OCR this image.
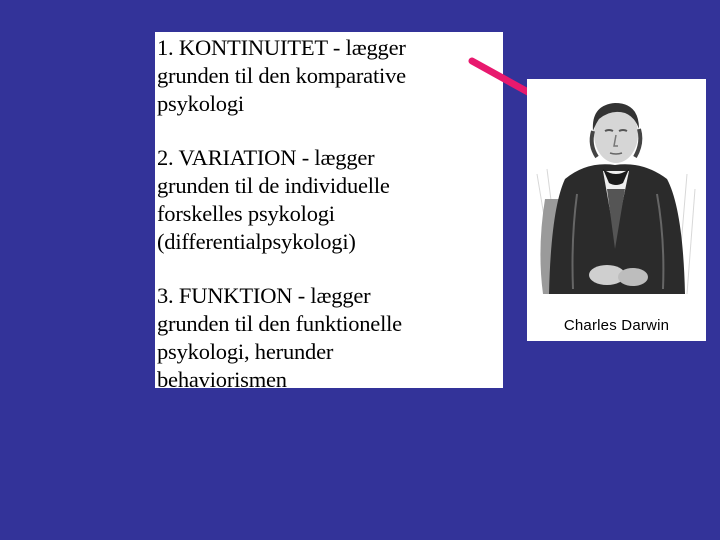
1. KONTINUITET - lægger
grunden til den komparative
psykologi

2. VARIATION - lægger
grunden til de individuelle
forskelles psykologi
(differentialpsykologi)

3. FUNKTION - lægger
grunden til den funktionelle
psykologi, herunder
behaviorismen

Charles Darwin
